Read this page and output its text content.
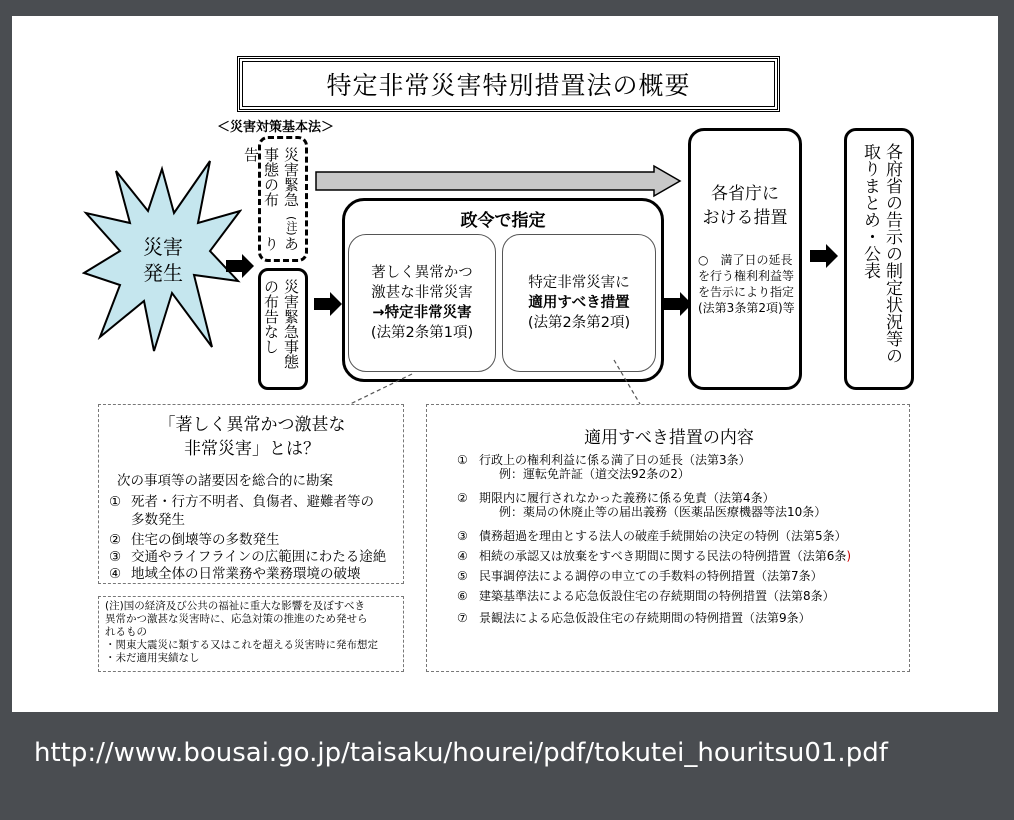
特定非常災害特別措置法の概要
＜災害対策基本法＞
災害
発生
災害緊急事態の布告
(注)
あり
災害緊急事態の布告なし
政令で指定
著しく異常かつ
激甚な非常災害
→特定非常災害
(法第2条第1項)
特定非常災害に
適用すべき措置
(法第2条第2項)
各省庁に
おける措置
○　満了日の延長を行う権利利益等を告示により指定(法第3条第2項)等	各府省の告示の制定状況等の取りまとめ・公表
「著しく異常かつ激甚な
非常災害」とは？
次の事項等の諸要因を総合的に勘案
① 死者・行方不明者、負傷者、避難者等の
多数発生
② 住宅の倒壊等の多数発生
③ 交通やライフラインの広範囲にわたる途絶
④ 地域全体の日常業務や業務環境の破壊
(注)国の経済及び公共の福祉に重大な影響を及ぼすべき
異常かつ激甚な災害時に、応急対策の推進のため発せら
れるもの
・関東大震災に類する又はこれを超える災害時に発布想定
・未だ適用実績なし
適用すべき措置の内容
① 行政上の権利利益に係る満了日の延長（法第3条）
例：運転免許証（道交法92条の2）
② 期限内に履行されなかった義務に係る免責（法第4条）
例：薬局の休廃止等の届出義務（医薬品医療機器等法10条）
③ 債務超過を理由とする法人の破産手続開始の決定の特例（法第5条）
④ 相続の承認又は放棄をすべき期間に関する民法の特例措置（法第6条)
⑤ 民事調停法による調停の申立ての手数料の特例措置（法第7条）
⑥ 建築基準法による応急仮設住宅の存続期間の特例措置（法第8条）
⑦ 景観法による応急仮設住宅の存続期間の特例措置（法第9条）
http://www.bousai.go.jp/taisaku/hourei/pdf/tokutei_houritsu01.pdf
